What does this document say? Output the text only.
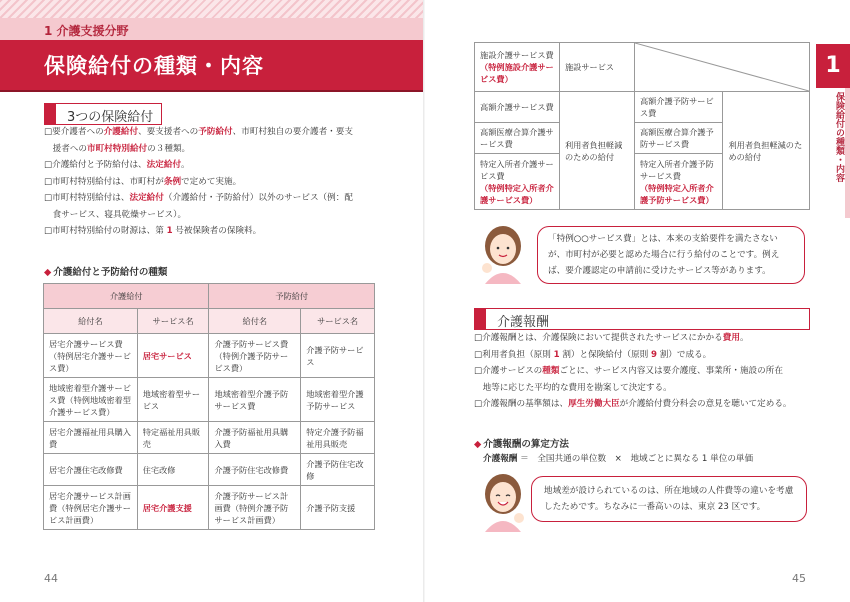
1 介護支援分野
保険給付の種類・内容
3つの保険給付
□要介護者への介護給付、要支援者への予防給付、市町村独自の要介護者・要支
　援者への市町村特別給付の３種類。
□介護給付と予防給付は、法定給付。
□市町村特別給付は、市町村が条例で定めて実施。
□市町村特別給付は、法定給付（介護給付・予防給付）以外のサービス（例：配
　食サービス、寝具乾燥サービス）。
□市町村特別給付の財源は、第 1 号被保険者の保険料。
◆ 介護給付と予防給付の種類
介護給付		予防給付	
給付名	サービス名	給付名	サービス名
居宅介護サービス費（特例居宅介護サービス費）	居宅サービス	介護予防サービス費（特例介護予防サービス費）	介護予防サービス
地域密着型介護サービス費（特例地域密着型介護サービス費）	地域密着型サービス	地域密着型介護予防サービス費	地域密着型介護予防サービス
居宅介護福祉用具購入費	特定福祉用具販売	介護予防福祉用具購入費	特定介護予防福祉用具販売
居宅介護住宅改修費	住宅改修	介護予防住宅改修費	介護予防住宅改修
居宅介護サービス計画費（特例居宅介護サービス計画費）	居宅介護支援	介護予防サービス計画費（特例介護予防サービス計画費）	介護予防支援
44
施設介護サービス費
（特例施設介護サービス費）	施設サービス	

高額介護サービス費	利用者負担軽減のための給付	高額介護予防サービス費	利用者負担軽減のための給付
高額医療合算介護サービス費		高額医療合算介護予防サービス費	
特定入所者介護サービス費
（特例特定入所者介護サービス費）		特定入所者介護予防サービス費
（特例特定入所者介護予防サービス費）	
「特例○○サービス費」とは、本来の支給要件を満たさないが、市町村が必要と認めた場合に行う給付のことです。例えば、要介護認定の申請前に受けたサービス等があります。
介護報酬
□介護報酬とは、介護保険において提供されたサービスにかかる費用。
□利用者負担（原則 1 割）と保険給付（原則 9 割）で成る。
□介護サービスの種類ごとに、サービス内容又は要介護度、事業所・施設の所在
　地等に応じた平均的な費用を勘案して決定する。
□介護報酬の基準額は、厚生労働大臣が介護給付費分科会の意見を聴いて定める。
◆ 介護報酬の算定方法
介護報酬 ＝　全国共通の単位数　×　地域ごとに異なる 1 単位の単価
地域差が設けられているのは、所在地域の人件費等の違いを考慮したためです。ちなみに一番高いのは、東京 23 区です。
45
1
保険給付の種類・内容
